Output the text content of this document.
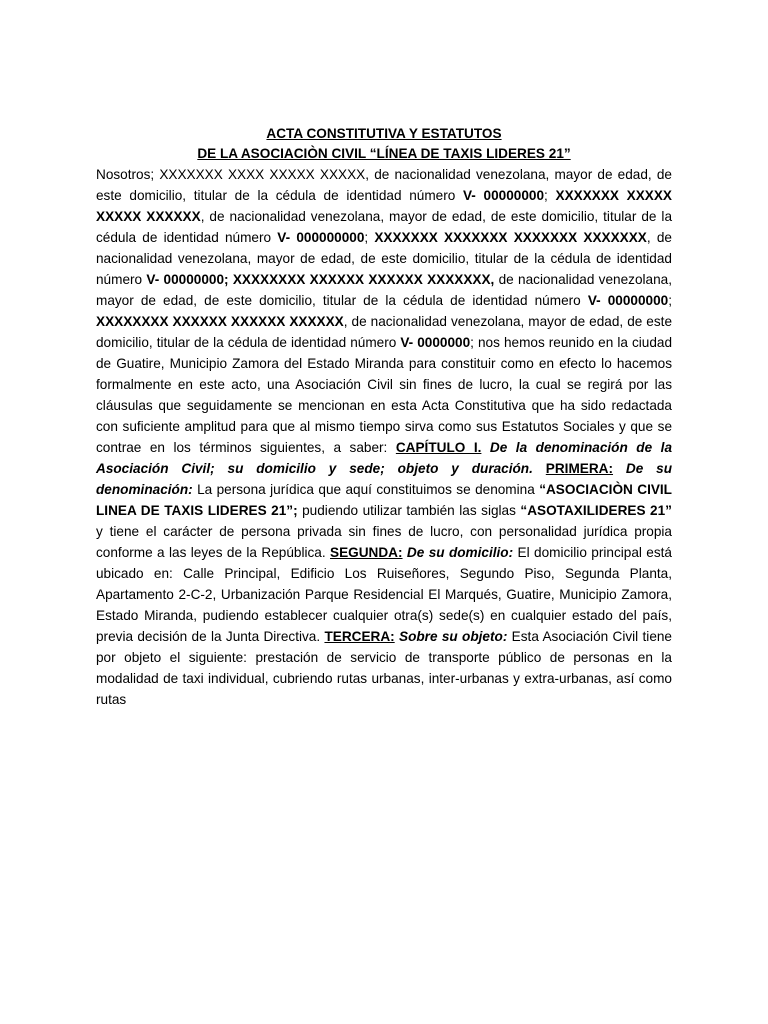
ACTA CONSTITUTIVA Y ESTATUTOS

DE LA ASOCIACIÒN CIVIL “LÍNEA DE TAXIS LIDERES 21”

Nosotros; XXXXXXX XXXX XXXXX XXXXX, de nacionalidad venezolana, mayor de edad, de este domicilio, titular de la cédula de identidad número V- 00000000; XXXXXXX XXXXX XXXXX XXXXXX, de nacionalidad venezolana, mayor de edad, de este domicilio, titular de la cédula de identidad número V- 000000000; XXXXXXX XXXXXXX XXXXXXX XXXXXXX, de nacionalidad venezolana, mayor de edad, de este domicilio, titular de la cédula de identidad número V- 00000000; XXXXXXXX XXXXXX XXXXXX XXXXXXX, de nacionalidad venezolana, mayor de edad, de este domicilio, titular de la cédula de identidad número V- 00000000; XXXXXXXX XXXXXX XXXXXX XXXXXX, de nacionalidad venezolana, mayor de edad, de este domicilio, titular de la cédula de identidad número V- 0000000; nos hemos reunido en la ciudad de Guatire, Municipio Zamora del Estado Miranda para constituir como en efecto lo hacemos formalmente en este acto, una Asociación Civil sin fines de lucro, la cual se regirá por las cláusulas que seguidamente se mencionan en esta Acta Constitutiva que ha sido redactada con suficiente amplitud para que al mismo tiempo sirva como sus Estatutos Sociales y que se contrae en los términos siguientes, a saber: CAPÍTULO I. De la denominación de la Asociación Civil; su domicilio y sede; objeto y duración. PRIMERA: De su denominación: La persona jurídica que aquí constituimos se denomina “ASOCIACIÒN CIVIL LINEA DE TAXIS LIDERES 21”; pudiendo utilizar también las siglas “ASOTAXILIDERES 21” y tiene el carácter de persona privada sin fines de lucro, con personalidad jurídica propia conforme a las leyes de la República. SEGUNDA: De su domicilio: El domicilio principal está ubicado en: Calle Principal, Edificio Los Ruiseñores, Segundo Piso, Segunda Planta, Apartamento 2-C-2, Urbanización Parque Residencial El Marqués, Guatire, Municipio Zamora, Estado Miranda, pudiendo establecer cualquier otra(s) sede(s) en cualquier estado del país, previa decisión de la Junta Directiva. TERCERA: Sobre su objeto: Esta Asociación Civil tiene por objeto el siguiente: prestación de servicio de transporte público de personas en la modalidad de taxi individual, cubriendo rutas urbanas, inter-urbanas y extra-urbanas, así como rutas
